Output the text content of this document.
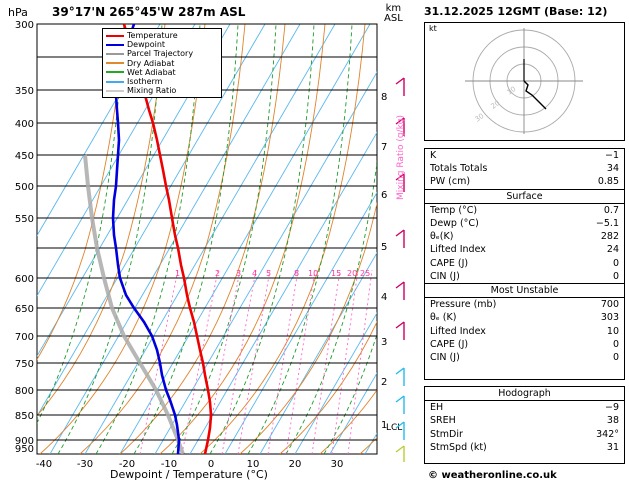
hPa 39°17'N 265°45'W 287m ASL	km
ASL
300
350
400
450
500
550
600
650
700
750
800
850
900
950
8
7
6
5
4
3
2
1
LCL
1	2 3 4 5	8 10 15 20 25
-40 -30	-20	-10	0	10	20	30
Temperature
Dewpoint
Parcel Trajectory
Dry Adiabat
Wet Adiabat
Isotherm
Mixing Ratio
Dewpoint / Temperature (°C)
Mixing Ratio (g/kg)
31.12.2025 12GMT (Base: 12)
kt
10
20
30
K	−1
Totals Totals	34
PW (cm)	0.85
Surface
Temp (°C)	0.7
Dewp (°C)	−5.1
θₑ(K)	282
Lifted Index	24
CAPE (J)	0
CIN (J)	0
Most Unstable
Pressure (mb)	700
θₑ (K)	303
Lifted Index	10
CAPE (J)	0
CIN (J)	0
Hodograph
EH	−9
SREH	38
StmDir	342°
StmSpd (kt)	31
© weatheronline.co.uk
